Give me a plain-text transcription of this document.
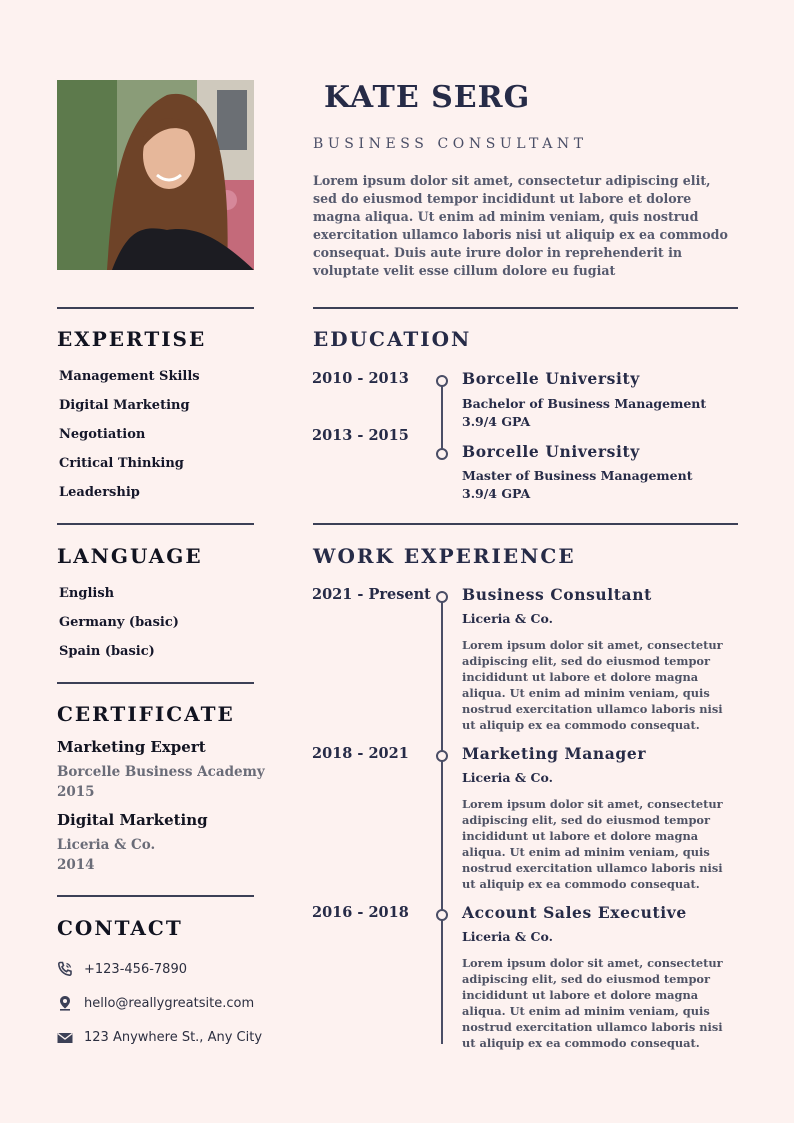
KATE SERG
BUSINESS CONSULTANT
Lorem ipsum dolor sit amet, consectetur adipiscing elit, sed do eiusmod tempor incididunt ut labore et dolore magna aliqua. Ut enim ad minim veniam, quis nostrud exercitation ullamco laboris nisi ut aliquip ex ea commodo consequat. Duis aute irure dolor in reprehenderit in voluptate velit esse cillum dolore eu fugiat
EXPERTISE
Management Skills
Digital Marketing
Negotiation
Critical Thinking
Leadership
LANGUAGE
English
Germany (basic)
Spain (basic)
CERTIFICATE
Marketing Expert
Borcelle Business Academy
2015
Digital Marketing
Liceria & Co.
2014
CONTACT
+123-456-7890
hello@reallygreatsite.com
123 Anywhere St., Any City
EDUCATION
2010 - 2013	Borcelle University
Bachelor of Business Management
3.9/4 GPA
2013 - 2015
Borcelle University
Master of Business Management
3.9/4 GPA
WORK EXPERIENCE
2021 - Present Business Consultant
Liceria & Co.
Lorem ipsum dolor sit amet, consectetur adipiscing elit, sed do eiusmod tempor incididunt ut labore et dolore magna aliqua. Ut enim ad minim veniam, quis nostrud exercitation ullamco laboris nisi ut aliquip ex ea commodo consequat.
2018 - 2021	Marketing Manager
Liceria & Co.
Lorem ipsum dolor sit amet, consectetur adipiscing elit, sed do eiusmod tempor incididunt ut labore et dolore magna aliqua. Ut enim ad minim veniam, quis nostrud exercitation ullamco laboris nisi ut aliquip ex ea commodo consequat.
2016 - 2018	Account Sales Executive
Liceria & Co.
Lorem ipsum dolor sit amet, consectetur adipiscing elit, sed do eiusmod tempor incididunt ut labore et dolore magna aliqua. Ut enim ad minim veniam, quis nostrud exercitation ullamco laboris nisi ut aliquip ex ea commodo consequat.
